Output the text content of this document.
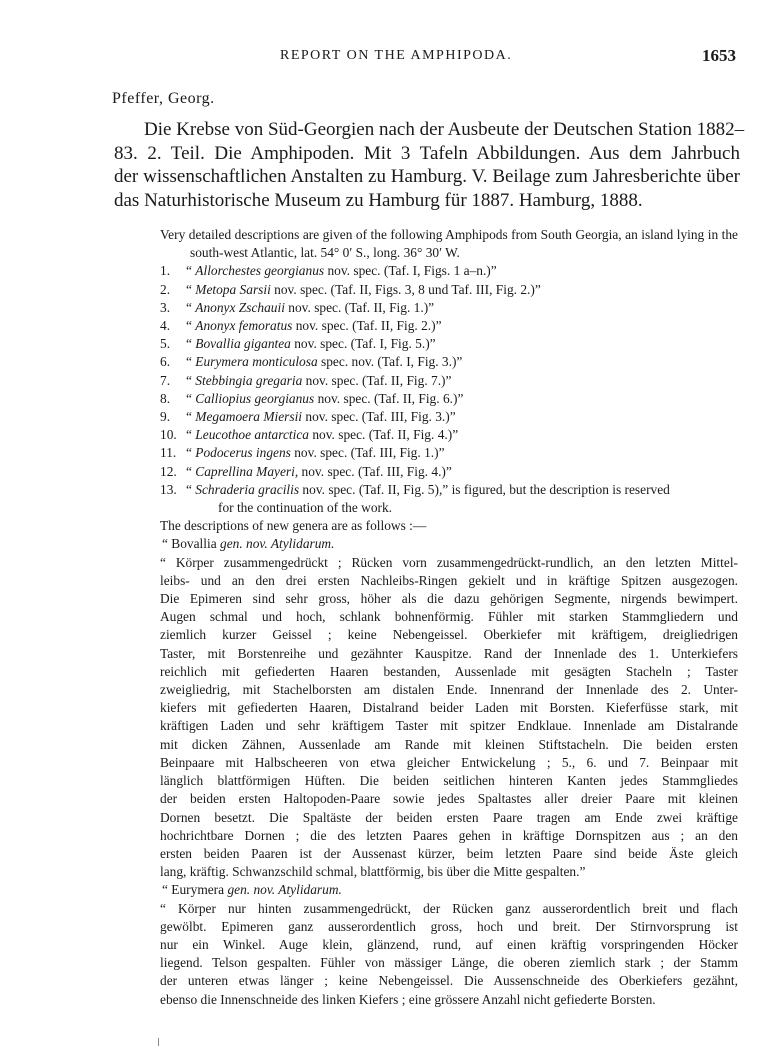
REPORT ON THE AMPHIPODA.	1653
Pfeffer, Georg.
Die Krebse von Süd-Georgien nach der Ausbeute der Deutschen Station 1882–
83. 2. Teil. Die Amphipoden. Mit 3 Tafeln Abbildungen. Aus dem Jahrbuch
der wissenschaftlichen Anstalten zu Hamburg. V. Beilage zum Jahresberichte über
das Naturhistorische Museum zu Hamburg für 1887. Hamburg, 1888.

Very detailed descriptions are given of the following Amphipods from South Georgia, an island lying in the south-west Atlantic, lat. 54° 0′ S., long. 36° 30′ W.

1.	“ Allorchestes georgianus nov. spec. (Taf. I, Figs. 1 a–n.)”
2.	“ Metopa Sarsii nov. spec. (Taf. II, Figs. 3, 8 und Taf. III, Fig. 2.)”
3.	“ Anonyx Zschauii nov. spec. (Taf. II, Fig. 1.)”
4.	“ Anonyx femoratus nov. spec. (Taf. II, Fig. 2.)”
5.	“ Bovallia gigantea nov. spec. (Taf. I, Fig. 5.)”
6.	“ Eurymera monticulosa spec. nov. (Taf. I, Fig. 3.)”
7.	“ Stebbingia gregaria nov. spec. (Taf. II, Fig. 7.)”
8.	“ Calliopius georgianus nov. spec. (Taf. II, Fig. 6.)”
9.	“ Megamoera Miersii nov. spec. (Taf. III, Fig. 3.)”
10. “ Leucothoe antarctica nov. spec. (Taf. II, Fig. 4.)”
11. “ Podocerus ingens nov. spec. (Taf. III, Fig. 1.)”
12. “ Caprellina Mayeri, nov. spec. (Taf. III, Fig. 4.)”
13. “ Schraderia gracilis nov. spec. (Taf. II, Fig. 5),” is figured, but the description is reserved
for the continuation of the work.

The descriptions of new genera are as follows :—

“ Bovallia gen. nov. Atylidarum.

“ Körper zusammengedrückt ; Rücken vorn zusammengedrückt-rundlich, an den letzten Mittel-
leibs- und an den drei ersten Nachleibs-Ringen gekielt und in kräftige Spitzen ausgezogen.
Die Epimeren sind sehr gross, höher als die dazu gehörigen Segmente, nirgends bewimpert.
Augen schmal und hoch, schlank bohnenförmig. Fühler mit starken Stammgliedern und
ziemlich kurzer Geissel ; keine Nebengeissel. Oberkiefer mit kräftigem, dreigliedrigen
Taster, mit Borstenreihe und gezähnter Kauspitze. Rand der Innenlade des 1. Unterkiefers
reichlich mit gefiederten Haaren bestanden, Aussenlade mit gesägten Stacheln ; Taster
zweigliedrig, mit Stachelborsten am distalen Ende. Innenrand der Innenlade des 2. Unter-
kiefers mit gefiederten Haaren, Distalrand beider Laden mit Borsten. Kieferfüsse stark, mit
kräftigen Laden und sehr kräftigem Taster mit spitzer Endklaue. Innenlade am Distalrande
mit dicken Zähnen, Aussenlade am Rande mit kleinen Stiftstacheln. Die beiden ersten
Beinpaare mit Halbscheeren von etwa gleicher Entwickelung ; 5., 6. und 7. Beinpaar mit
länglich blattförmigen Hüften. Die beiden seitlichen hinteren Kanten jedes Stammgliedes
der beiden ersten Haltopoden-Paare sowie jedes Spaltastes aller dreier Paare mit kleinen
Dornen besetzt. Die Spaltäste der beiden ersten Paare tragen am Ende zwei kräftige
hochrichtbare Dornen ; die des letzten Paares gehen in kräftige Dornspitzen aus ; an den
ersten beiden Paaren ist der Aussenast kürzer, beim letzten Paare sind beide Äste gleich
lang, kräftig. Schwanzschild schmal, blattförmig, bis über die Mitte gespalten.”

“ Eurymera gen. nov. Atylidarum.

“ Körper nur hinten zusammengedrückt, der Rücken ganz ausserordentlich breit und flach
gewölbt. Epimeren ganz ausserordentlich gross, hoch und breit. Der Stirnvorsprung ist
nur ein Winkel. Auge klein, glänzend, rund, auf einen kräftig vorspringenden Höcker
liegend. Telson gespalten. Fühler von mässiger Länge, die oberen ziemlich stark ; der Stamm
der unteren etwas länger ; keine Nebengeissel. Die Aussenschneide des Oberkiefers gezähnt,
ebenso die Innenschneide des linken Kiefers ; eine grössere Anzahl nicht gefiederte Borsten.
